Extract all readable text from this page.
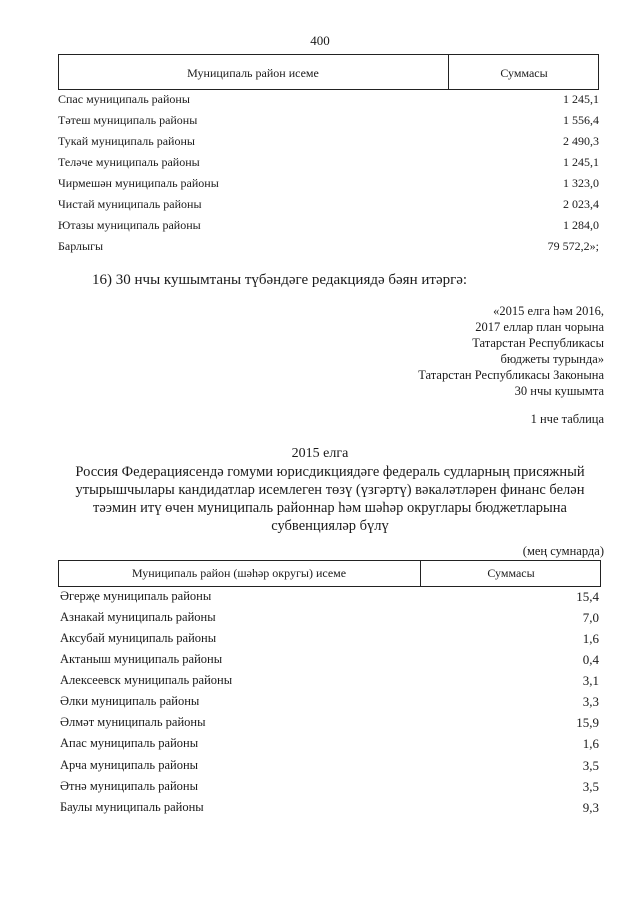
400
Муниципаль район исеме	Суммасы
Спас муниципаль районы	1 245,1
Тәтеш муниципаль районы	1 556,4
Тукай муниципаль районы	2 490,3
Теләче муниципаль районы	1 245,1
Чирмешән муниципаль районы	1 323,0
Чистай муниципаль районы	2 023,4
Ютазы муниципаль районы	1 284,0
Барлыгы	79 572,2»;
16) 30 нчы кушымтаны түбәндәге редакциядә бәян итәргә:
«2015 елга һәм 2016,
2017 еллар план чорына
Татарстан Республикасы
бюджеты турында»
Татарстан Республикасы Законына
30 нчы кушымта
1 нче таблица
2015 елга
Россия Федерациясендә гомуми юрисдикциядәге федераль судларның присяжный
утырышчылары кандидатлар исемлеген төзү (үзгәртү) вәкаләтләрен финанс белән
тәэмин итү өчен муниципаль районнар һәм шәһәр округлары бюджетларына
субвенцияләр бүлү
(мең сумнарда)
Муниципаль район (шәһәр округы) исеме	Суммасы
Әгерҗе муниципаль районы	15,4
Азнакай муниципаль районы	7,0
Аксубай муниципаль районы	1,6
Актаныш муниципаль районы	0,4
Алексеевск муниципаль районы	3,1
Әлки муниципаль районы	3,3
Әлмәт муниципаль районы	15,9
Апас муниципаль районы	1,6
Арча муниципаль районы	3,5
Әтнә муниципаль районы	3,5
Баулы муниципаль районы	9,3
